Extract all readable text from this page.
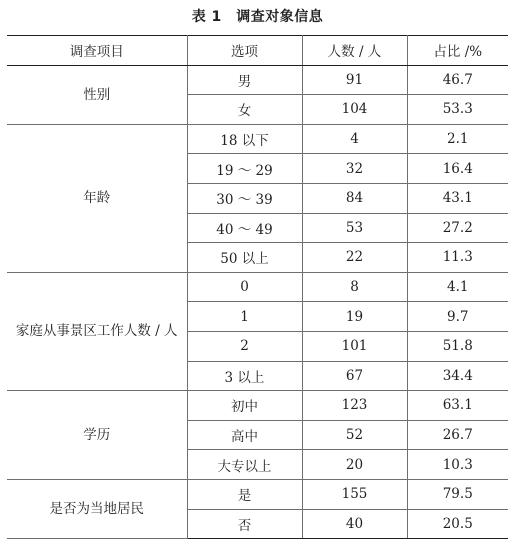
表 1　调查对象信息
调查项目	选项	人数 / 人	占比 /%
性别	男	91	46.7
	女	104	53.3
年龄	18 以下	4	2.1
	19 ～ 29	32	16.4
	30 ～ 39	84	43.1
	40 ～ 49	53	27.2
	50 以上	22	11.3
家庭从事景区工作人数 / 人	0	8	4.1
	1	19	9.7
	2	101	51.8
	3 以上	67	34.4
学历	初中	123	63.1
	高中	52	26.7
	大专以上	20	10.3
是否为当地居民	是	155	79.5
	否	40	20.5
